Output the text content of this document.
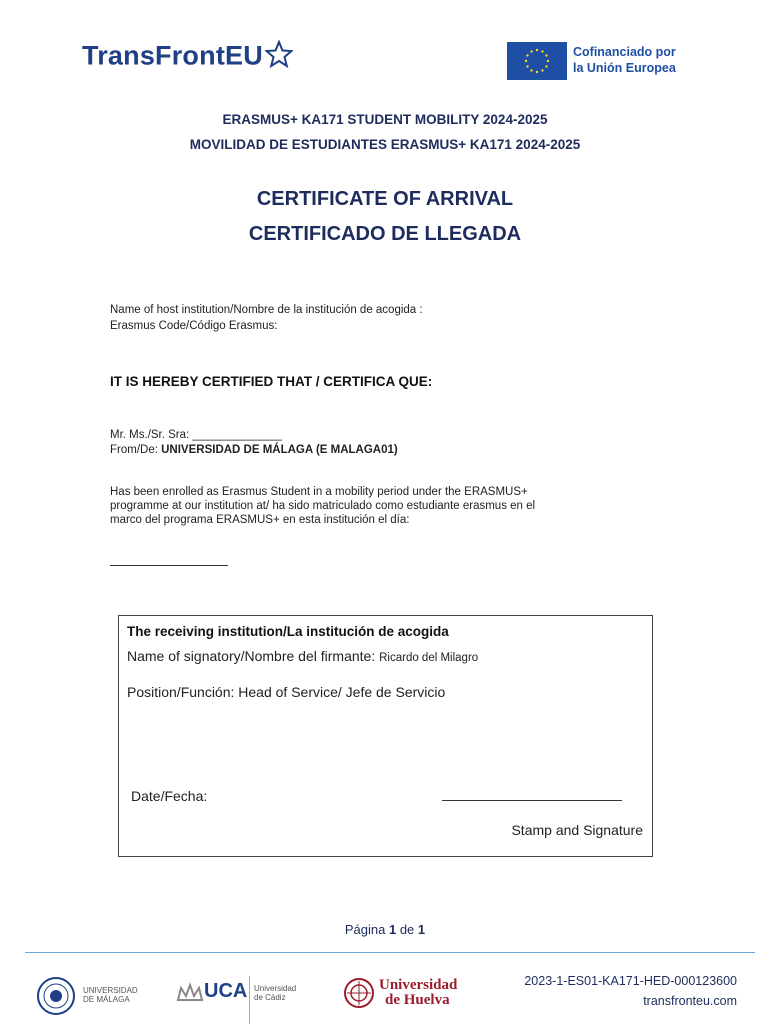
TransFrontEU	Cofinanciado por
la Unión Europea
ERASMUS+ KA171 STUDENT MOBILITY 2024-2025
MOVILIDAD DE ESTUDIANTES ERASMUS+ KA171 2024-2025
CERTIFICATE OF ARRIVAL
CERTIFICADO DE LLEGADA
Name of host institution/Nombre de la institución de acogida :
Erasmus Code/Código Erasmus:
IT IS HEREBY CERTIFIED THAT / CERTIFICA QUE:
Mr. Ms./Sr. Sra: ______________
From/De: UNIVERSIDAD DE MÁLAGA (E MALAGA01)
Has been enrolled as Erasmus Student in a mobility period under the ERASMUS+
programme at our institution at/ ha sido matriculado como estudiante erasmus en el
marco del programa ERASMUS+ en esta institución el día:
The receiving institution/La institución de acogida
Name of signatory/Nombre del firmante: Ricardo del Milagro
Position/Función: Head of Service/ Jefe de Servicio
Date/Fecha:
Stamp and Signature
Página 1 de 1
UNIVERSIDAD
DE MÁLAGA	UCA Universidad
de Cádiz
Universidad
de Huelva
2023-1-ES01-KA171-HED-000123600
transfronteu.com
